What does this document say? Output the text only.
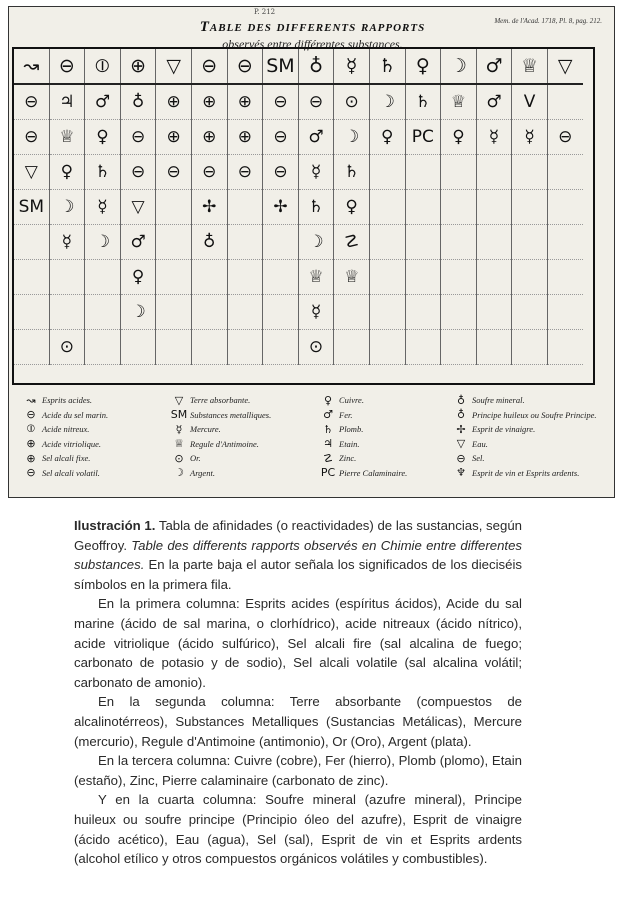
P. 212
Table des differents rapports
observés entre différentes substances.
Mem. de l'Acad. 1718, Pl. 8, pag. 212.
↝	⊖	⦶	⊕	▽	⊖	⊖	SM	♁	☿	♄	♀	☽	♂	♕	▽
⊖	♃	♂	♁	⊕	⊕	⊕	⊖	⊖	⊙	☽	♄	♕	♂	V	
⊖	♕	♀	⊖	⊕	⊕	⊕	⊖	♂	☽	♀	PC	♀	☿	☿	⊖
▽	♀	♄	⊖	⊖	⊖	⊖	⊖	☿	♄						
SM	☽	☿	▽		✢		✢	♄	♀						
	☿	☽	♂		♁			☽	☡						
			♀					♕	♕						
			☽					☿							
	⊙							⊙							
↝ Esprits acides.
⊖ Acide du sel marin.
⦶ Acide nitreux.
⊕ Acide vitriolique.
⊕ Sel alcali fixe.
⊖ Sel alcali volatil.
▽ Terre absorbante.
SM Substances metalliques.
☿ Mercure.
♕ Regule d'Antimoine.
⊙ Or.
☽ Argent.
♀ Cuivre.
♂ Fer.
♄ Plomb.
♃ Etain.
☡ Zinc.
PC Pierre Calaminaire.
♁ Soufre mineral.
♁ Principe huileux ou Soufre Principe.
✢ Esprit de vinaigre.
▽ Eau.
⊖ Sel.
♆ Esprit de vin et Esprits ardents.

Ilustración 1. Tabla de afinidades (o reactividades) de las sustancias, según Geoffroy. Table des differents rapports observés en Chimie entre differentes substances. En la parte baja el autor señala los significados de los dieciséis símbolos en la primera fila.

En la primera columna: Esprits acides (espíritus ácidos), Acide du sal marine (ácido de sal marina, o clorhídrico), acide nitreaux (ácido nítrico), acide vitriolique (ácido sulfúrico), Sel alcali fire (sal alcalina de fuego; carbonato de potasio y de sodio), Sel alcali volatile (sal alcalina volátil; carbonato de amonio).

En la segunda columna: Terre absorbante (compuestos de alcalinotérreos), Substances Metalliques (Sustancias Metálicas), Mercure (mercurio), Regule d'Antimoine (antimonio), Or (Oro), Argent (plata).

En la tercera columna: Cuivre (cobre), Fer (hierro), Plomb (plomo), Etain (estaño), Zinc, Pierre calaminaire (carbonato de zinc).

Y en la cuarta columna: Soufre mineral (azufre mineral), Principe huileux ou soufre principe (Principio óleo del azufre), Esprit de vinaigre (ácido acético), Eau (agua), Sel (sal), Esprit de vin et Esprits ardents (alcohol etílico y otros compuestos orgánicos volátiles y combustibles).
